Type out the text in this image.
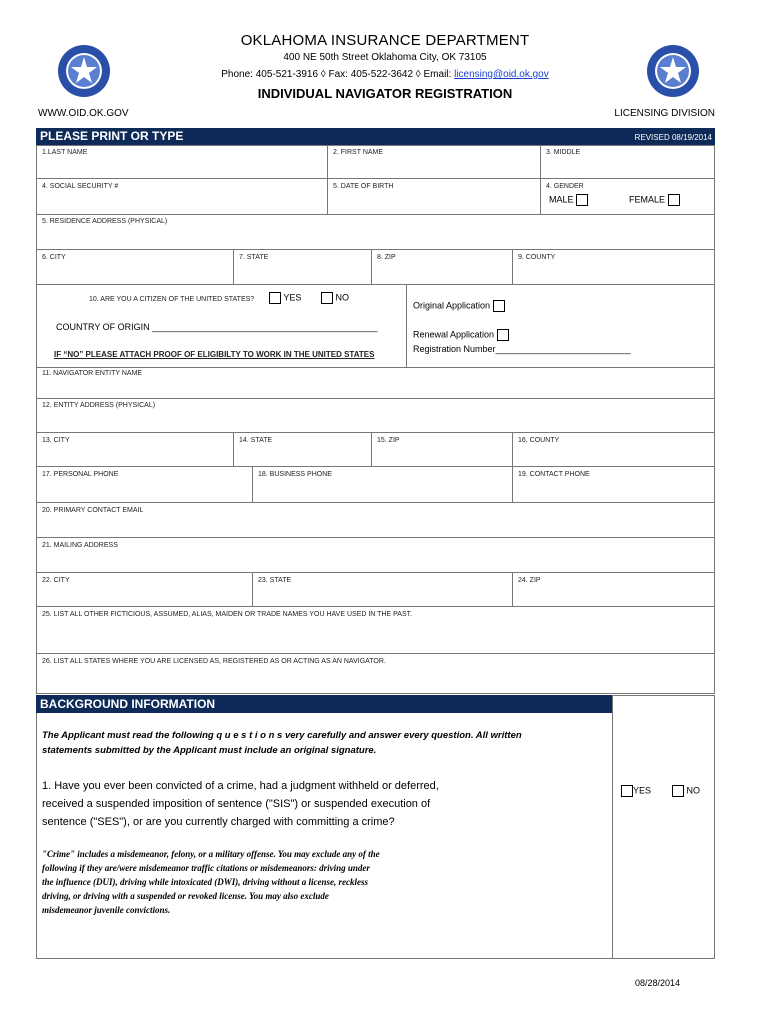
OKLAHOMA INSURANCE DEPARTMENT
400 NE 50th Street Oklahoma City, OK 73105
Phone: 405-521-3916 ◊ Fax: 405-522-3642 ◊ Email: licensing@oid.ok.gov
INDIVIDUAL NAVIGATOR REGISTRATION
WWW.OID.OK.GOV	LICENSING DIVISION
PLEASE PRINT OR TYPE	REVISED 08/19/2014
1.LAST NAME	2. FIRST NAME	3. MIDDLE
4. SOCIAL SECURITY #	5. DATE OF BIRTH	4. GENDER
MALE	FEMALE
5. RESIDENCE ADDRESS (PHYSICAL)
6. CITY	7. STATE	8. ZIP	9. COUNTY
10. ARE YOU A CITIZEN OF THE UNITED STATES?	YES	NO
COUNTRY OF ORIGIN _____________________________________________
IF “NO” PLEASE ATTACH PROOF OF ELIGIBILTY TO WORK IN THE UNITED STATES
Original Application
Renewal Application
Registration Number___________________________
11. NAVIGATOR ENTITY NAME
12. ENTITY ADDRESS (PHYSICAL)
13. CITY	14. STATE	15. ZIP	16. COUNTY
17. PERSONAL PHONE	18. BUSINESS PHONE	19. CONTACT PHONE
20. PRIMARY CONTACT EMAIL
21. MAILING ADDRESS
22. CITY	23. STATE	24. ZIP
25. LIST ALL OTHER FICTICIOUS, ASSUMED, ALIAS, MAIDEN OR TRADE NAMES YOU HAVE USED IN THE PAST.
26. LIST ALL STATES WHERE YOU ARE LICENSED AS, REGISTERED AS OR ACTING AS AN NAVIGATOR.
BACKGROUND INFORMATION
The Applicant must read the following q u e s t i o n s very carefully and answer every question. All written
statements submitted by the Applicant must include an original signature.
1. Have you ever been convicted of a crime, had a judgment withheld or deferred,
received a suspended imposition of sentence ("SIS") or suspended execution of
sentence ("SES"), or are you currently charged with committing a crime?
"Crime" includes a misdemeanor, felony, or a military offense. You may exclude any of the
following if they are/were misdemeanor traffic citations or misdemeanors: driving under
the influence (DUI), driving while intoxicated (DWI), driving without a license, reckless
driving, or driving with a suspended or revoked license. You may also exclude
misdemeanor juvenile convictions.
YES	NO
08/28/2014
